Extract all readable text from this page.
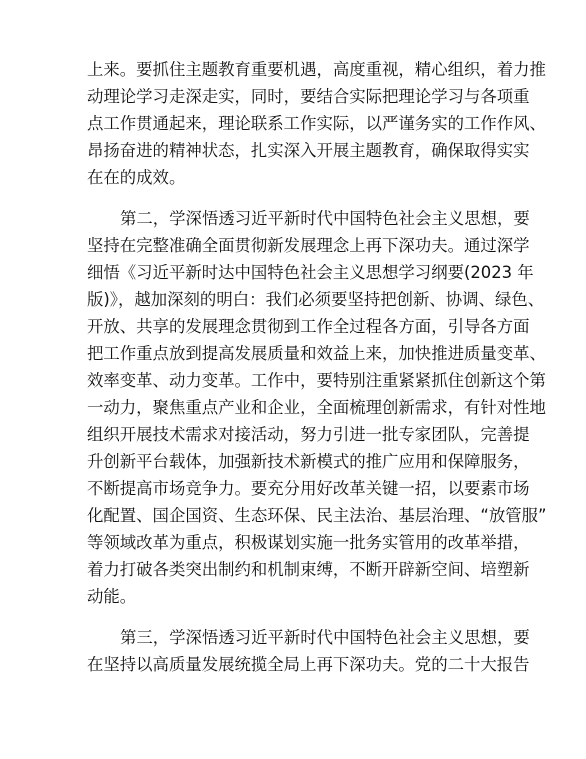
上来。要抓住主题教育重要机遇，高度重视，精心组织，着力推
动理论学习走深走实，同时，要结合实际把理论学习与各项重
点工作贯通起来，理论联系工作实际，以严谨务实的工作作风、
昂扬奋进的精神状态，扎实深入开展主题教育，确保取得实实
在在的成效。
第二，学深悟透习近平新时代中国特色社会主义思想，要
坚持在完整准确全面贯彻新发展理念上再下深功夫。通过深学
细悟《习近平新时达中国特色社会主义思想学习纲要(2023 年
版)》，越加深刻的明白：我们必须要坚持把创新、协调、绿色、
开放、共享的发展理念贯彻到工作全过程各方面，引导各方面
把工作重点放到提高发展质量和效益上来，加快推进质量变革、
效率变革、动力变革。工作中，要特别注重紧紧抓住创新这个第
一动力，聚焦重点产业和企业，全面梳理创新需求，有针对性地
组织开展技术需求对接活动，努力引进一批专家团队，完善提
升创新平台载体，加强新技术新模式的推广应用和保障服务，
不断提高市场竞争力。要充分用好改革关键一招，以要素市场
化配置、国企国资、生态环保、民主法治、基层治理、“放管服”
等领域改革为重点，积极谋划实施一批务实管用的改革举措，
着力打破各类突出制约和机制束缚，不断开辟新空间、培塑新
动能。
第三，学深悟透习近平新时代中国特色社会主义思想，要
在坚持以高质量发展统揽全局上再下深功夫。党的二十大报告
